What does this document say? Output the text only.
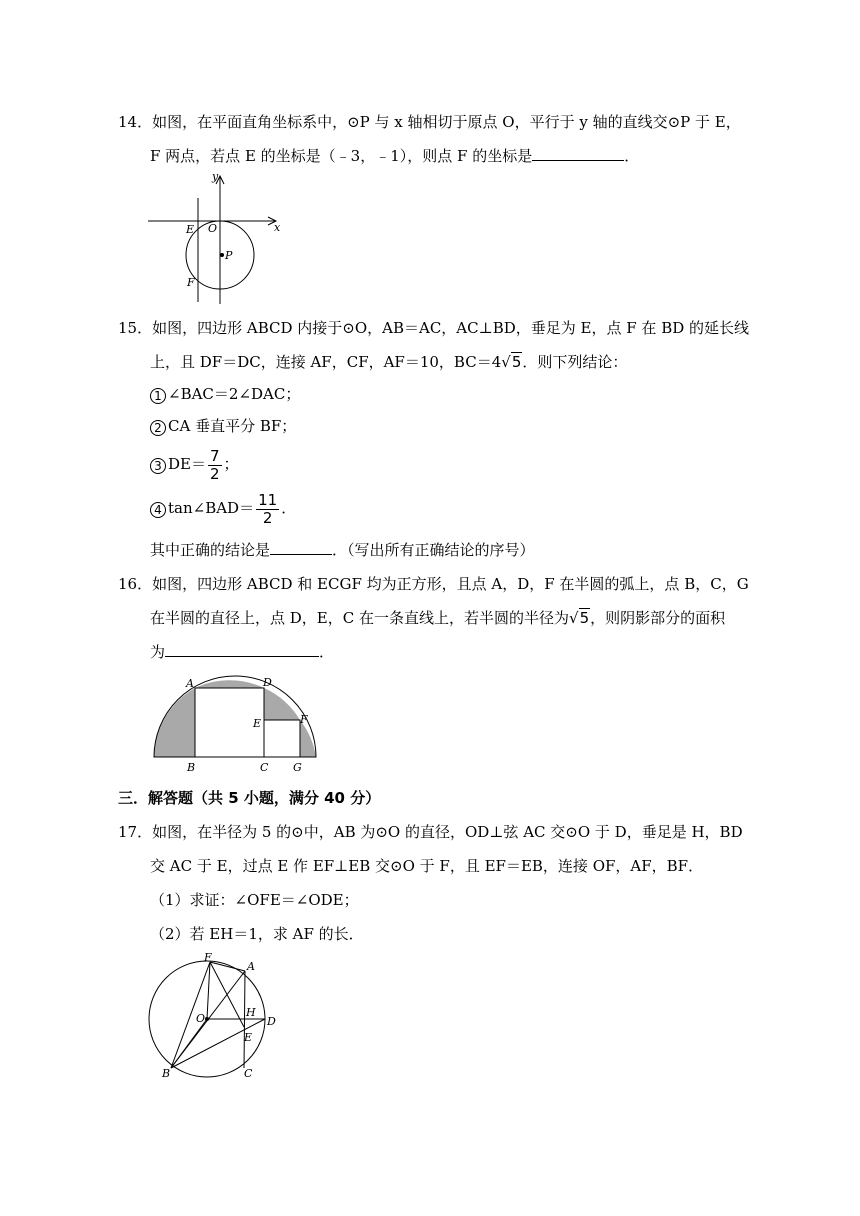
14．如图，在平面直角坐标系中，⊙P 与 x 轴相切于原点 O，平行于 y 轴的直线交⊙P 于 E，
F 两点，若点 E 的坐标是（﹣3，﹣1），则点 F 的坐标是	．
y
x
O
E
P
F
15．如图，四边形 ABCD 内接于⊙O，AB＝AC，AC⊥BD，垂足为 E，点 F 在 BD 的延长线
上，且 DF＝DC，连接 AF，CF，AF＝10，BC＝4√5．则下列结论：
1 ∠BAC＝2∠DAC；
2 CA 垂直平分 BF；
3 $DE= \frac{7}{2}$ ；
4 tan∠BAD＝ $\frac{11}{2}$ ．
其中正确的结论是	．（写出所有正确结论的序号）
16．如图，四边形 ABCD 和 ECGF 均为正方形，且点 A，D，F 在半圆的弧上，点 B，C，G
在半圆的直径上，点 D，E，C 在一条直线上，若半圆的半径为√5，则阴影部分的面积
为	．
A	D
E	F
B	C G
三．解答题（共 5 小题，满分 40 分）
17．如图，在半径为 5 的⊙中，AB 为⊙O 的直径，OD⊥弦 AC 交⊙O 于 D，垂足是 H，BD
交 AC 于 E，过点 E 作 EF⊥EB 交⊙O 于 F，且 EF＝EB，连接 OF，AF，BF．
（1）求证：∠OFE＝∠ODE；
（2）若 EH＝1，求 AF 的长．
F
A
O	H
D
E
B	C
